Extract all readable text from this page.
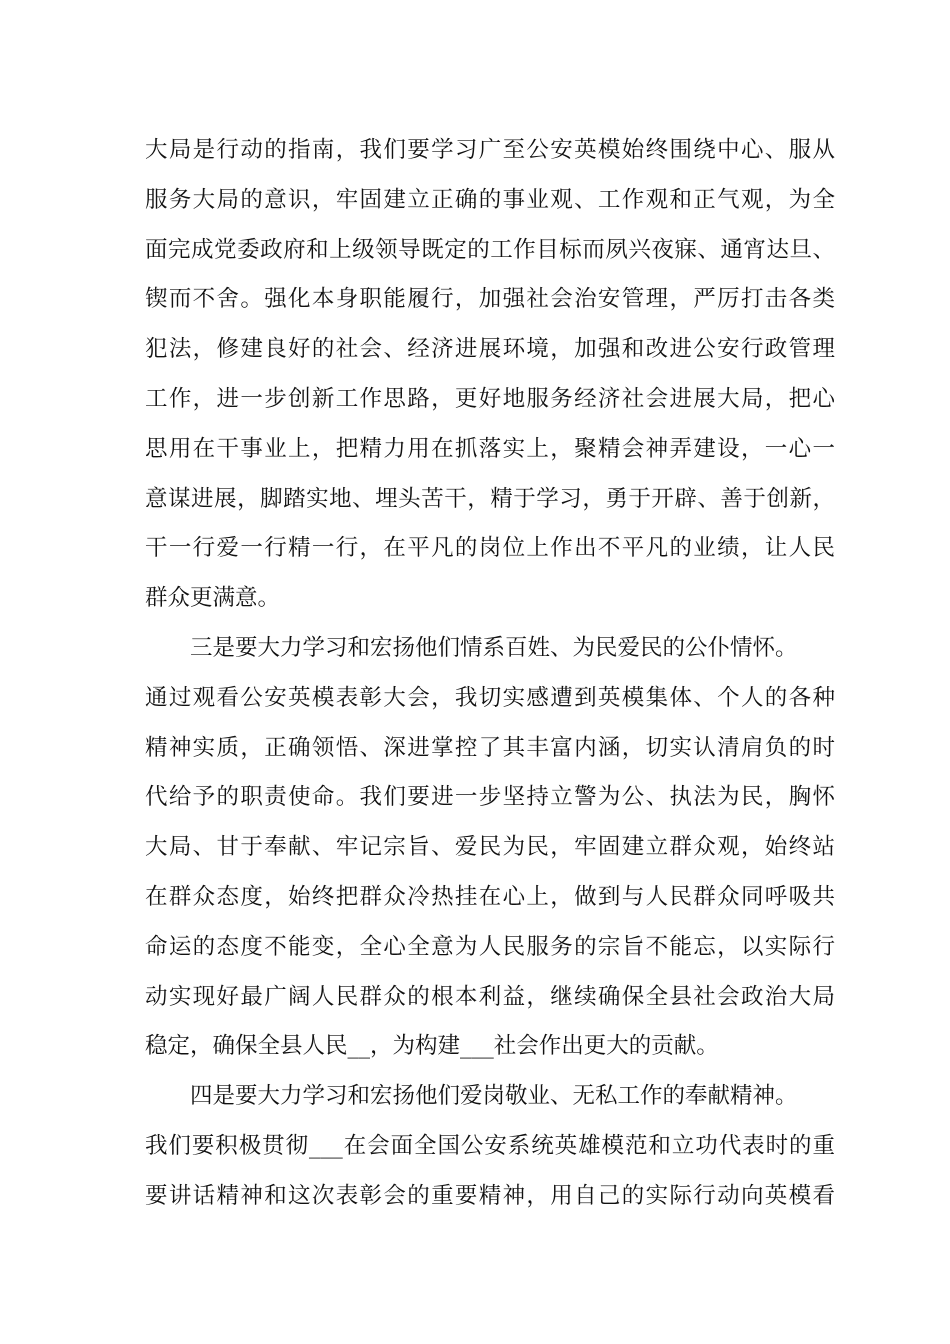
大局是行动的指南，我们要学习广至公安英模始终围绕中心、服从
服务大局的意识，牢固建立正确的事业观、工作观和正气观，为全
面完成党委政府和上级领导既定的工作目标而夙兴夜寐、通宵达旦、
锲而不舍。强化本身职能履行，加强社会治安管理，严厉打击各类
犯法，修建良好的社会、经济进展环境，加强和改进公安行政管理
工作，进一步创新工作思路，更好地服务经济社会进展大局，把心
思用在干事业上，把精力用在抓落实上，聚精会神弄建设，一心一
意谋进展，脚踏实地、埋头苦干，精于学习，勇于开辟、善于创新，
干一行爱一行精一行，在平凡的岗位上作出不平凡的业绩，让人民
群众更满意。
三是要大力学习和宏扬他们情系百姓、为民爱民的公仆情怀。
通过观看公安英模表彰大会，我切实感遭到英模集体、个人的各种
精神实质，正确领悟、深进掌控了其丰富内涵，切实认清肩负的时
代给予的职责使命。我们要进一步坚持立警为公、执法为民，胸怀
大局、甘于奉献、牢记宗旨、爱民为民，牢固建立群众观，始终站
在群众态度，始终把群众冷热挂在心上，做到与人民群众同呼吸共
命运的态度不能变，全心全意为人民服务的宗旨不能忘，以实际行
动实现好最广阔人民群众的根本利益，继续确保全县社会政治大局
稳定，确保全县人民__，为构建___社会作出更大的贡献。
四是要大力学习和宏扬他们爱岗敬业、无私工作的奉献精神。
我们要积极贯彻___在会面全国公安系统英雄模范和立功代表时的重
要讲话精神和这次表彰会的重要精神，用自己的实际行动向英模看
